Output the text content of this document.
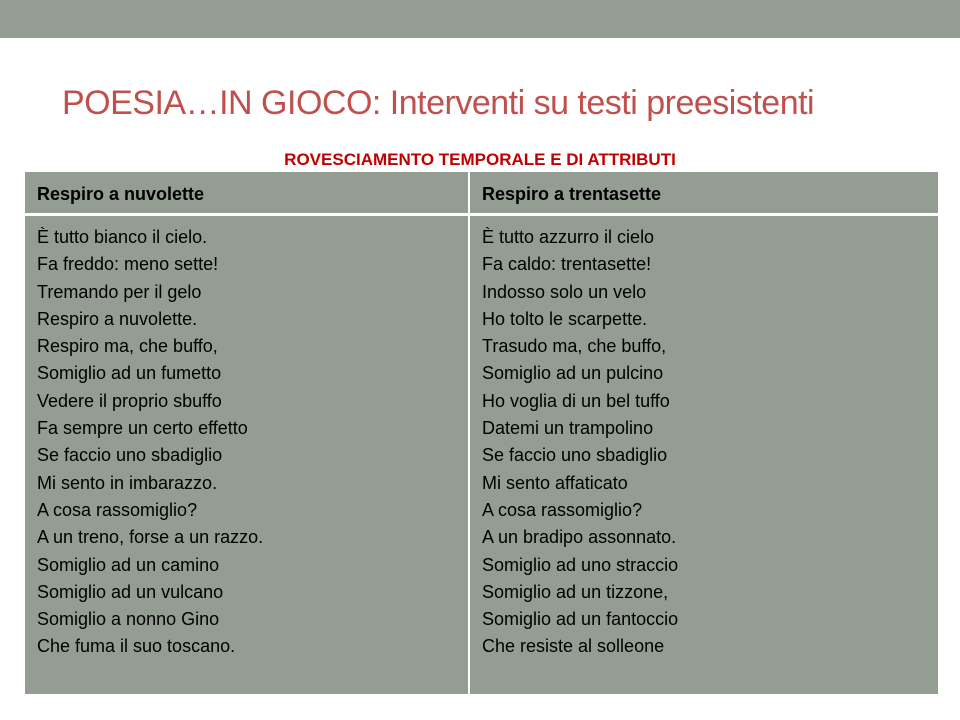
POESIA…IN GIOCO: Interventi su testi preesistenti
ROVESCIAMENTO TEMPORALE E DI ATTRIBUTI
Respiro a nuvolette	Respiro a trentasette
È tutto bianco il cielo.
Fa freddo: meno sette!
Tremando per il gelo
Respiro a nuvolette.
Respiro ma, che buffo,
Somiglio ad un fumetto
Vedere il proprio sbuffo
Fa sempre un certo effetto
Se faccio uno sbadiglio
Mi sento in imbarazzo.
A cosa rassomiglio?
A un treno, forse a un razzo.
Somiglio ad un camino
Somiglio ad un vulcano
Somiglio a nonno Gino
Che fuma il suo toscano.
È tutto azzurro il cielo
Fa caldo: trentasette!
Indosso solo un velo
Ho tolto le scarpette.
Trasudo ma, che buffo,
Somiglio ad un pulcino
Ho voglia di un bel tuffo
Datemi un trampolino
Se faccio uno sbadiglio
Mi sento affaticato
A cosa rassomiglio?
A un bradipo assonnato.
Somiglio ad uno straccio
Somiglio ad un tizzone,
Somiglio ad un fantoccio
Che resiste al solleone
